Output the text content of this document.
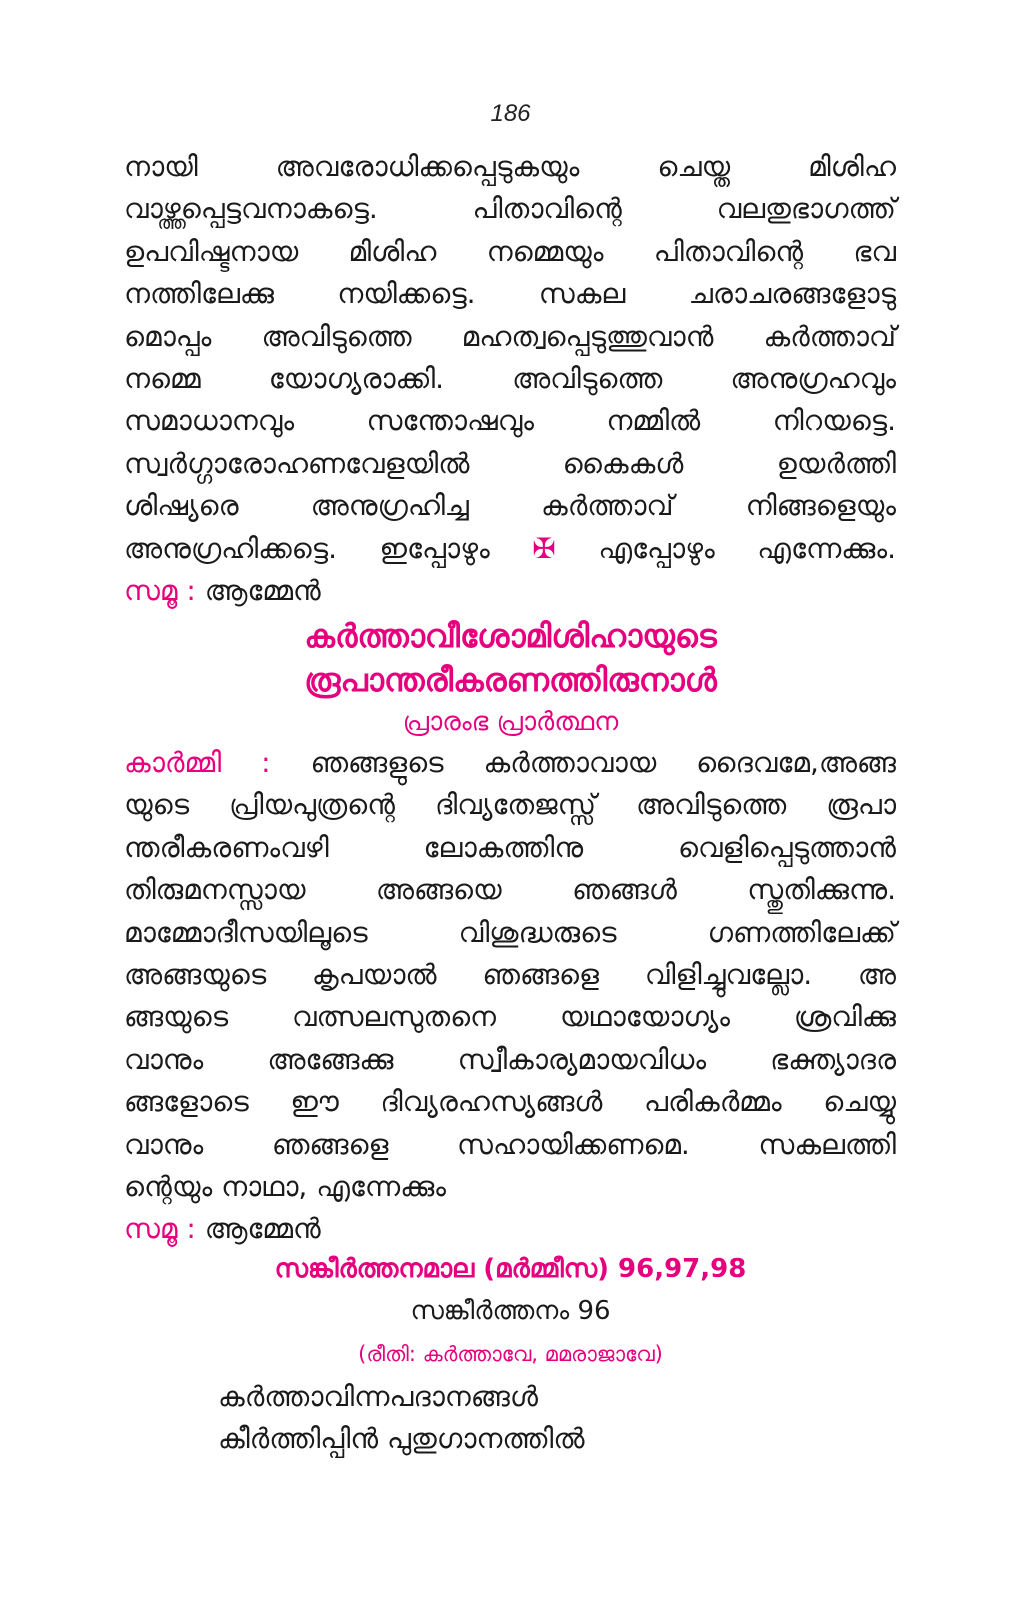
186

നായി അവരോധിക്കപ്പെടുകയും ചെയ്ത മിശിഹ
വാഴ്ത്തപ്പെട്ടവനാകട്ടെ. പിതാവിന്റെ വലതുഭാഗത്ത്
ഉപവിഷ്ടനായ മിശിഹ നമ്മെയും പിതാവിന്റെ ഭവ
നത്തിലേക്കു നയിക്കട്ടെ. സകല ചരാചരങ്ങളോടു
മൊപ്പം അവിടുത്തെ മഹത്വപ്പെടുത്തുവാൻ കർത്താവ്
നമ്മെ യോഗ്യരാക്കി. അവിടുത്തെ അനുഗ്രഹവും
സമാധാനവും സന്തോഷവും നമ്മിൽ നിറയട്ടെ.
സ്വർഗ്ഗാരോഹണവേളയിൽ കൈകൾ ഉയർത്തി
ശിഷ്യരെ അനുഗ്രഹിച്ച കർത്താവ് നിങ്ങളെയും
അനുഗ്രഹിക്കട്ടെ. ഇപ്പോഴും ✠ എപ്പോഴും എന്നേക്കും.
സമൂ : ആമ്മേൻ

കർത്താവീശോമിശിഹായുടെ
രൂപാന്തരീകരണത്തിരുനാൾ
പ്രാരംഭ പ്രാർത്ഥന

കാർമ്മി : ഞങ്ങളുടെ കർത്താവായ ദൈവമേ,അങ്ങ
യുടെ പ്രിയപുത്രന്റെ ദിവ്യതേജസ്സ് അവിടുത്തെ രൂപാ
ന്തരീകരണംവഴി ലോകത്തിനു വെളിപ്പെടുത്താൻ
തിരുമനസ്സായ അങ്ങയെ ഞങ്ങൾ സ്തുതിക്കുന്നു.
മാമ്മോദീസയിലൂടെ വിശുദ്ധരുടെ ഗണത്തിലേക്ക്
അങ്ങയുടെ കൃപയാൽ ഞങ്ങളെ വിളിച്ചുവല്ലോ. അ
ങ്ങയുടെ വത്സലസുതനെ യഥായോഗ്യം ശ്രവിക്കു
വാനും അങ്ങേക്കു സ്വീകാര്യമായവിധം ഭക്ത്യാദര
ങ്ങളോടെ ഈ ദിവ്യരഹസ്യങ്ങൾ പരികർമ്മം ചെയ്യു
വാനും ഞങ്ങളെ സഹായിക്കണമെ. സകലത്തി
ന്റെയും നാഥാ, എന്നേക്കും
സമൂ : ആമ്മേൻ

സങ്കീർത്തനമാല (മർമ്മീസ) 96,97,98
സങ്കീർത്തനം 96
(രീതി: കർത്താവേ, മമരാജാവേ)

കർത്താവിന്നപദാനങ്ങൾ
കീർത്തിപ്പിൻ പുതുഗാനത്തിൽ
